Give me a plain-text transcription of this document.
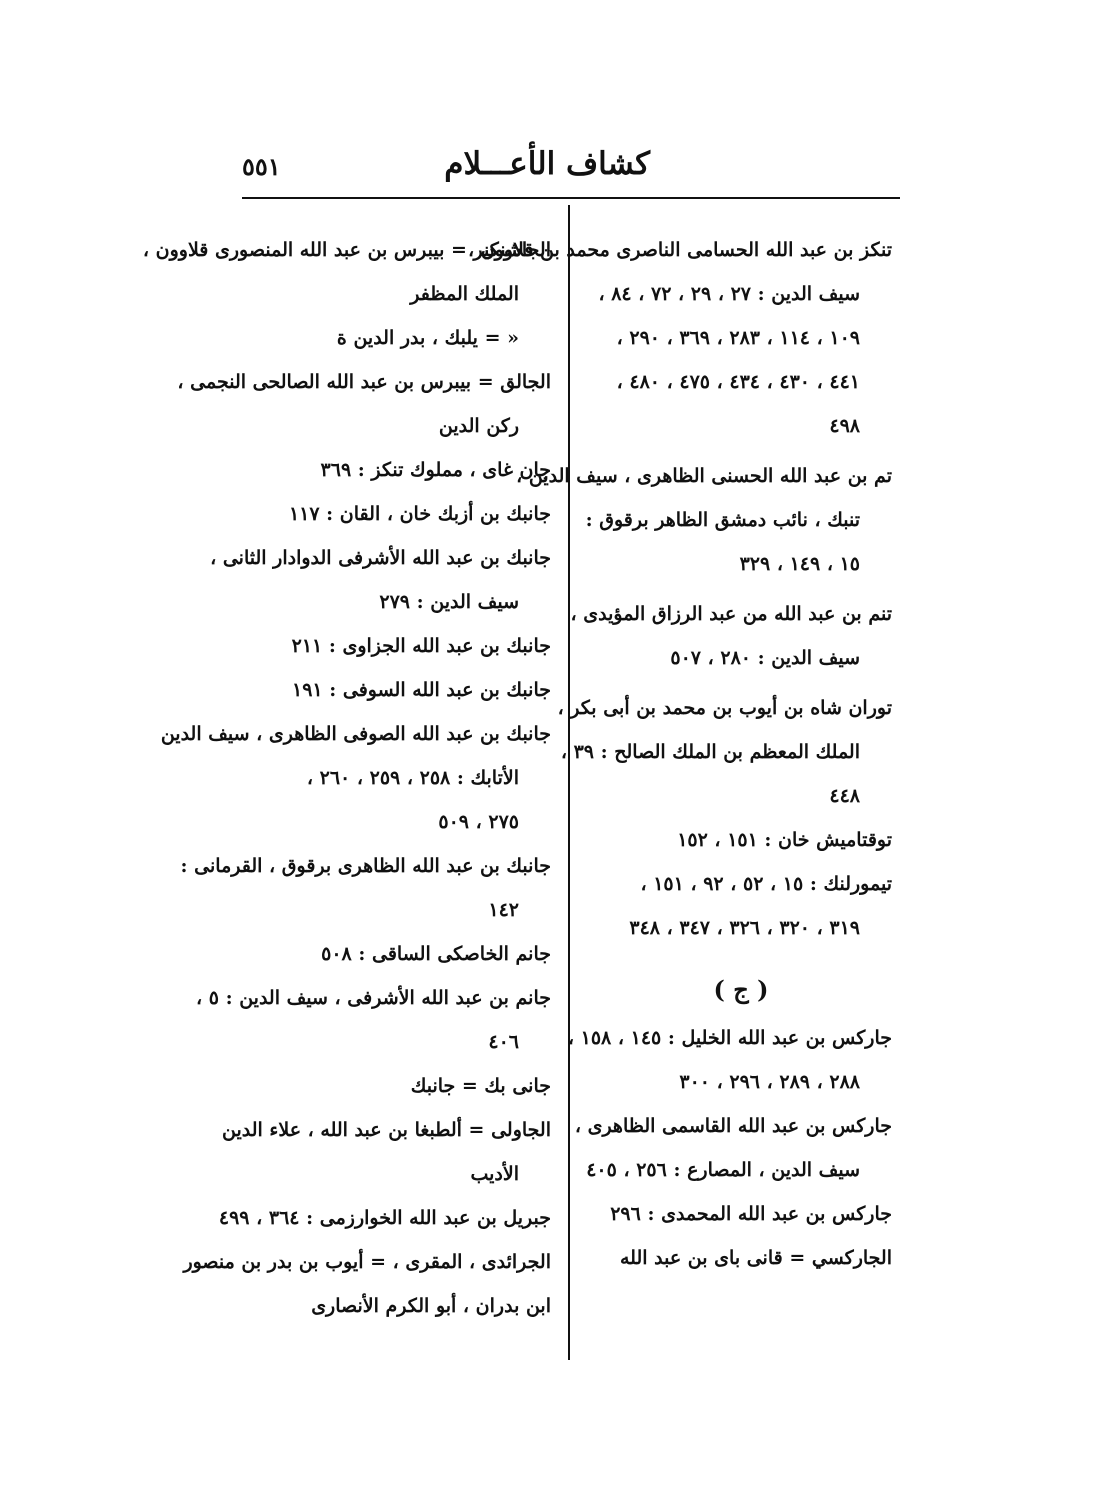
كشاف الأعـــلام
٥٥١
تنكز بن عبد الله الحسامى الناصرى محمد بن قلاوون ،
سيف الدين : ٢٧ ، ٢٩ ، ٧٢ ، ٨٤ ،
١٠٩ ، ١١٤ ، ٢٨٣ ، ٣٦٩ ، ٢٩٠ ،
٤٤١ ، ٤٣٠ ، ٤٣٤ ، ٤٧٥ ، ٤٨٠ ،
٤٩٨
تم بن عبد الله الحسنى الظاهرى ، سيف الدين ،
تنبك ، نائب دمشق الظاهر برقوق :
١٥ ، ١٤٩ ، ٣٢٩
تنم بن عبد الله من عبد الرزاق المؤيدى ،
سيف الدين : ٢٨٠ ، ٥٠٧
توران شاه بن أيوب بن محمد بن أبى بكر ،
الملك المعظم بن الملك الصالح : ٣٩ ،
٤٤٨
توقتاميش خان : ١٥١ ، ١٥٢
تيمورلنك : ١٥ ، ٥٢ ، ٩٢ ، ١٥١ ،
٣١٩ ، ٣٢٠ ، ٣٢٦ ، ٣٤٧ ، ٣٤٨
( ج )
جاركس بن عبد الله الخليل : ١٤٥ ، ١٥٨ ،
٢٨٨ ، ٢٨٩ ، ٢٩٦ ، ٣٠٠
جاركس بن عبد الله القاسمى الظاهرى ،
سيف الدين ، المصارع : ٢٥٦ ، ٤٠٥
جاركس بن عبد الله المحمدى : ٢٩٦
الجاركسي = قانى باى بن عبد الله
الجاشنكير = بيبرس بن عبد الله المنصورى قلاوون ،
الملك المظفر
« = يلبك ، بدر الدين ة
الجالق = بيبرس بن عبد الله الصالحى النجمى ،
ركن الدين
جان غاى ، مملوك تنكز : ٣٦٩
جانبك بن أزبك خان ، القان : ١١٧
جانبك بن عبد الله الأشرفى الدوادار الثانى ،
سيف الدين : ٢٧٩
جانبك بن عبد الله الجزاوى : ٢١١
جانبك بن عبد الله السوفى : ١٩١
جانبك بن عبد الله الصوفى الظاهرى ، سيف الدين
الأتابك : ٢٥٨ ، ٢٥٩ ، ٢٦٠ ،
٢٧٥ ، ٥٠٩
جانبك بن عبد الله الظاهرى برقوق ، القرمانى :
١٤٢
جانم الخاصكى الساقى : ٥٠٨
جانم بن عبد الله الأشرفى ، سيف الدين : ٥ ،
٤٠٦
جانى بك = جانبك
الجاولى = ألطبغا بن عبد الله ، علاء الدين
الأديب
جبريل بن عبد الله الخوارزمى : ٣٦٤ ، ٤٩٩
الجرائدى ، المقرى ، = أيوب بن بدر بن منصور
ابن بدران ، أبو الكرم الأنصارى
